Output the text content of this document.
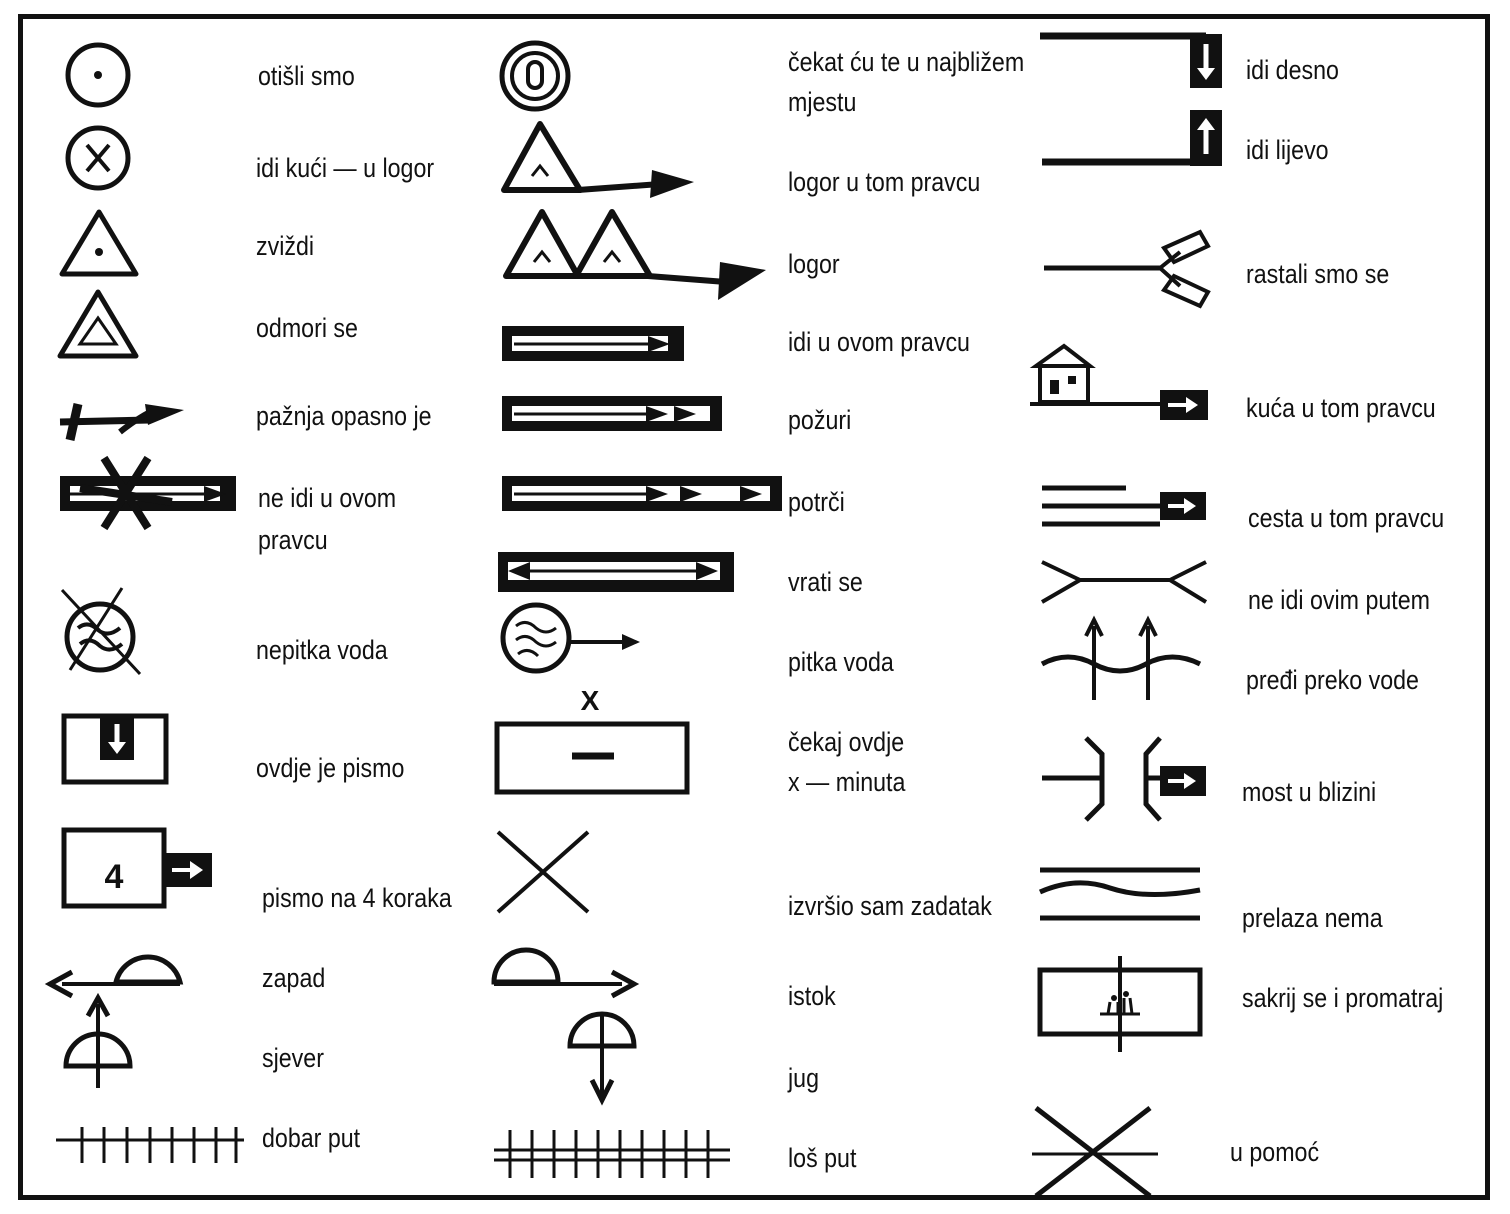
4
X
otišli smo
idi kući — u logor
zviždi
odmori se
pažnja opasno je
ne idi u ovom
pravcu
nepitka voda
ovdje je pismo
pismo na 4 koraka
zapad
sjever
dobar put
čekat ću te u najbližem
mjestu
logor u tom pravcu
logor
idi u ovom pravcu
požuri
potrči
vrati se
pitka voda
čekaj ovdje
x — minuta
izvršio sam zadatak
istok
jug
loš put
idi desno
idi lijevo
rastali smo se
kuća u tom pravcu
cesta u tom pravcu
ne idi ovim putem
pređi preko vode
most u blizini
prelaza nema
sakrij se i promatraj
u pomoć
